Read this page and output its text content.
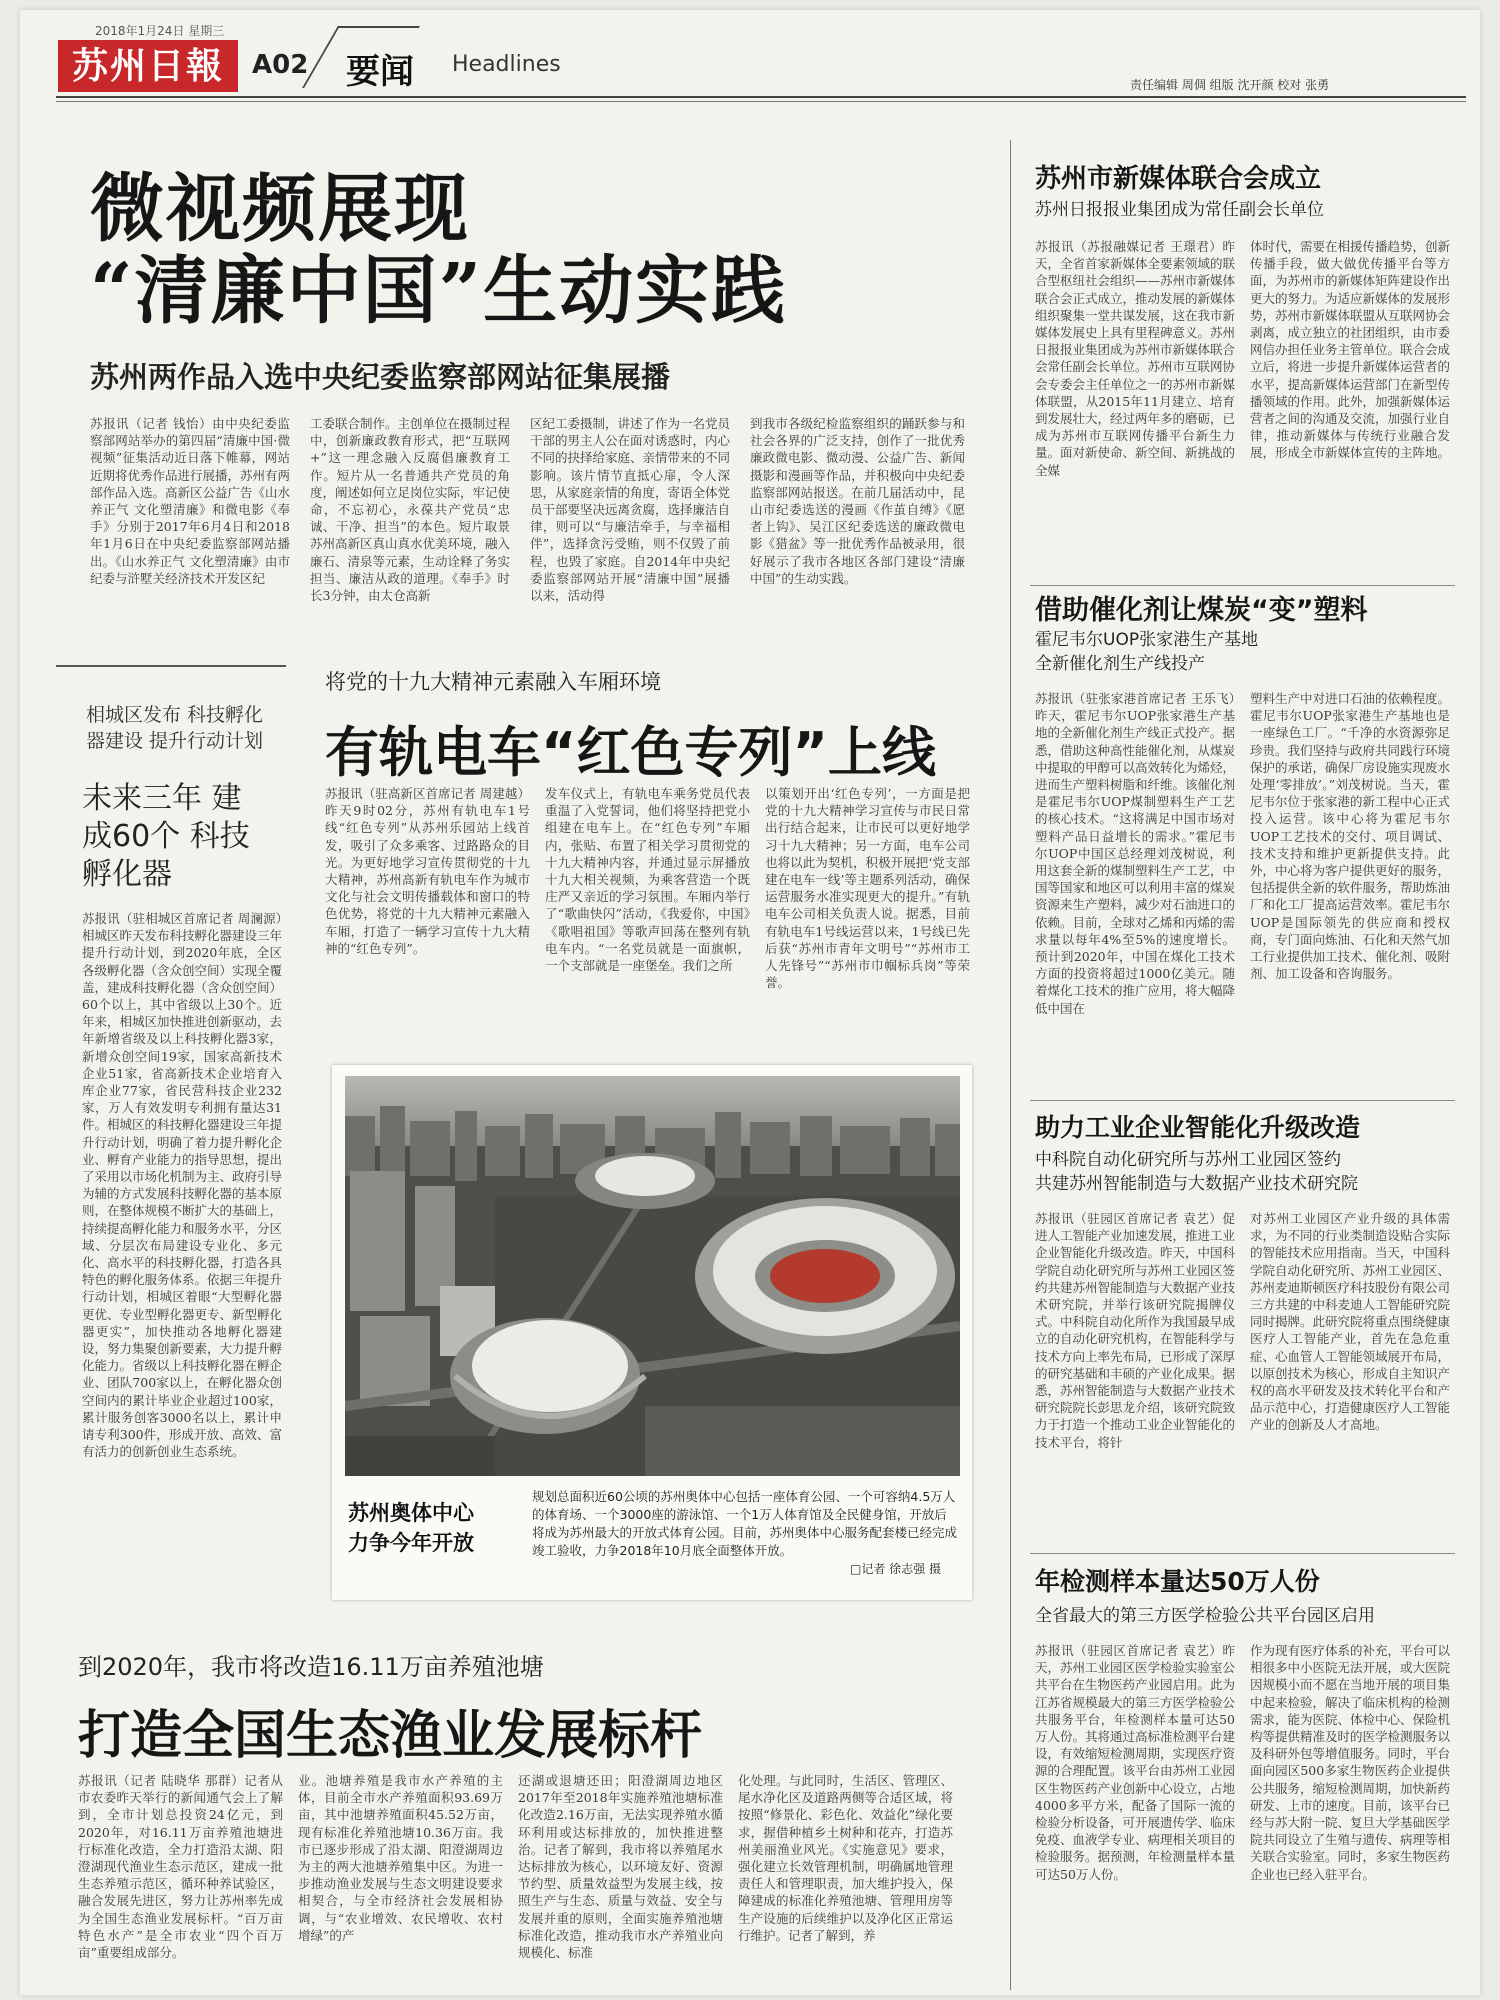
2018年1月24日 星期三
苏州日報	A02 要闻 Headlines
责任编辑 周倜 组版 沈开颜 校对 张勇
微视频展现
“清廉中国”生动实践
苏州两作品入选中央纪委监察部网站征集展播
苏报讯（记者 钱怡）由中央纪委监察部网站举办的第四届“清廉中国·微视频”征集活动近日落下帷幕，网站近期将优秀作品进行展播，苏州有两部作品入选。高新区公益广告《山水养正气 文化塑清廉》和微电影《奉手》分别于2017年6月4日和2018年1月6日在中央纪委监察部网站播出。《山水养正气 文化塑清廉》由市纪委与浒墅关经济技术开发区纪
工委联合制作。主创单位在摄制过程中，创新廉政教育形式，把“互联网+”这一理念融入反腐倡廉教育工作。短片从一名普通共产党员的角度，阐述如何立足岗位实际，牢记使命，不忘初心，永葆共产党员“忠诚、干净、担当”的本色。短片取景苏州高新区真山真水优美环境，融入廉石、清泉等元素，生动诠释了务实担当、廉洁从政的道理。《奉手》时长3分钟，由太仓高新
区纪工委摄制，讲述了作为一名党员干部的男主人公在面对诱惑时，内心不同的抉择给家庭、亲情带来的不同影响。该片情节直抵心扉，令人深思，从家庭亲情的角度，寄语全体党员干部要坚决远离贪腐，选择廉洁自律，则可以“与廉洁牵手，与幸福相伴”，选择贪污受贿，则不仅毁了前程，也毁了家庭。自2014年中央纪委监察部网站开展“清廉中国”展播以来，活动得
到我市各级纪检监察组织的踊跃参与和社会各界的广泛支持，创作了一批优秀廉政微电影、微动漫、公益广告、新闻摄影和漫画等作品，并积极向中央纪委监察部网站报送。在前几届活动中，昆山市纪委选送的漫画《作茧自缚》《愿者上钩》、吴江区纪委选送的廉政微电影《猎盆》等一批优秀作品被录用，很好展示了我市各地区各部门建设“清廉中国”的生动实践。
相城区发布 科技孵化器建设 提升行动计划
未来三年 建成60个 科技孵化器
苏报讯（驻相城区首席记者 周澜源）相城区昨天发布科技孵化器建设三年提升行动计划，到2020年底，全区各级孵化器（含众创空间）实现全覆盖，建成科技孵化器（含众创空间）60个以上，其中省级以上30个。近年来，相城区加快推进创新驱动，去年新增省级及以上科技孵化器3家，新增众创空间19家，国家高新技术企业51家，省高新技术企业培育入库企业77家，省民营科技企业232家，万人有效发明专利拥有量达31件。相城区的科技孵化器建设三年提升行动计划，明确了着力提升孵化企业、孵育产业能力的指导思想，提出了采用以市场化机制为主、政府引导为辅的方式发展科技孵化器的基本原则，在整体规模不断扩大的基础上，持续提高孵化能力和服务水平，分区域、分层次布局建设专业化、多元化、高水平的科技孵化器，打造各具特色的孵化服务体系。依据三年提升行动计划，相城区着眼“大型孵化器更优、专业型孵化器更专、新型孵化器更实”，加快推动各地孵化器建设，努力集聚创新要素，大力提升孵化能力。省级以上科技孵化器在孵企业、团队700家以上，在孵化器众创空间内的累计毕业企业超过100家，累计服务创客3000名以上，累计申请专利300件，形成开放、高效、富有活力的创新创业生态系统。
将党的十九大精神元素融入车厢环境
有轨电车“红色专列”上线
苏报讯（驻高新区首席记者 周建越）昨天9时02分，苏州有轨电车1号线“红色专列”从苏州乐园站上线首发，吸引了众多乘客、过路路众的目光。为更好地学习宣传贯彻党的十九大精神，苏州高新有轨电车作为城市文化与社会文明传播载体和窗口的特色优势，将党的十九大精神元素融入车厢，打造了一辆学习宣传十九大精神的“红色专列”。
发车仪式上，有轨电车乘务党员代表重温了入党誓词，他们将坚持把党小组建在电车上。在“红色专列”车厢内，张贴、布置了相关学习贯彻党的十九大精神内容，并通过显示屏播放十九大相关视频，为乘客营造一个既庄严又亲近的学习氛围。车厢内举行了“歌曲快闪”活动，《我爱你，中国》《歌唱祖国》等歌声回荡在整列有轨电车内。“一名党员就是一面旗帜，一个支部就是一座堡垒。我们之所
以策划开出‘红色专列’，一方面是把党的十九大精神学习宣传与市民日常出行结合起来，让市民可以更好地学习十九大精神；另一方面，电车公司也将以此为契机，积极开展把‘党支部建在电车一线’等主题系列活动，确保运营服务水准实现更大的提升。”有轨电车公司相关负责人说。据悉，目前有轨电车1号线运营以来，1号线已先后获“苏州市青年文明号”“苏州市工人先锋号”“苏州市巾帼标兵岗”等荣誉。
苏州奥体中心
力争今年开放
规划总面积近60公顷的苏州奥体中心包括一座体育公园、一个可容纳4.5万人的体育场、一个3000座的游泳馆、一个1万人体育馆及全民健身馆，开放后将成为苏州最大的开放式体育公园。目前，苏州奥体中心服务配套楼已经完成竣工验收，力争2018年10月底全面整体开放。
□记者 徐志强 摄
到2020年，我市将改造16.11万亩养殖池塘
打造全国生态渔业发展标杆
苏报讯（记者 陆晓华 那群）记者从市农委昨天举行的新闻通气会上了解到，全市计划总投资24亿元，到2020年，对16.11万亩养殖池塘进行标准化改造，全力打造沿太湖、阳澄湖现代渔业生态示范区，建成一批生态养殖示范区，循环种养试验区，融合发展先进区，努力让苏州率先成为全国生态渔业发展标杆。“百万亩特色水产”是全市农业“四个百万亩”重要组成部分。
业。池塘养殖是我市水产养殖的主体，目前全市水产养殖面积93.69万亩，其中池塘养殖面积45.52万亩，现有标准化养殖池塘10.36万亩。我市已逐步形成了沿太湖、阳澄湖周边为主的两大池塘养殖集中区。为进一步推动渔业发展与生态文明建设要求相契合，与全市经济社会发展相协调，与“农业增效、农民增收、农村增绿”的产
还湖或退塘还田；阳澄湖周边地区2017年至2018年实施养殖池塘标准化改造2.16万亩，无法实现养殖水循环利用或达标排放的，加快推进整治。记者了解到，我市将以养殖尾水达标排放为核心，以环境友好、资源节约型、质量效益型为发展主线，按照生产与生态、质量与效益、安全与发展并重的原则，全面实施养殖池塘标准化改造，推动我市水产养殖业向规模化、标准
化处理。与此同时，生活区、管理区、尾水净化区及道路两侧等合适区域，将按照“修景化、彩色化、效益化”绿化要求，握借种植乡土树种和花卉，打造苏州美丽渔业风光。《实施意见》要求，强化建立长效管理机制，明确属地管理责任人和管理职责，加大维护投入，保障建成的标准化养殖池塘、管理用房等生产设施的后续维护以及净化区正常运行维护。记者了解到，养
苏州市新媒体联合会成立
苏州日报报业集团成为常任副会长单位
苏报讯（苏报融媒记者 王璟君）昨天，全省首家新媒体全要素领域的联合型枢纽社会组织——苏州市新媒体联合会正式成立，推动发展的新媒体组织聚集一堂共谋发展，这在我市新媒体发展史上具有里程碑意义。苏州日报报业集团成为苏州市新媒体联合会常任副会长单位。苏州市互联网协会专委会主任单位之一的苏州市新媒体联盟，从2015年11月建立、培育到发展壮大，经过两年多的磨砺，已成为苏州市互联网传播平台新生力量。面对新使命、新空间、新挑战的全媒
体时代，需要在相援传播趋势，创新传播手段，做大做优传播平台等方面，为苏州市的新媒体矩阵建设作出更大的努力。为适应新媒体的发展形势，苏州市新媒体联盟从互联网协会剥离，成立独立的社团组织，由市委网信办担任业务主管单位。联合会成立后，将进一步提升新媒体运营者的水平，提高新媒体运营部门在新型传播领域的作用。此外，加强新媒体运营者之间的沟通及交流，加强行业自律，推动新媒体与传统行业融合发展，形成全市新媒体宣传的主阵地。
借助催化剂让煤炭“变”塑料
霍尼韦尔UOP张家港生产基地
全新催化剂生产线投产
苏报讯（驻张家港首席记者 王乐飞）昨天，霍尼韦尔UOP张家港生产基地的全新催化剂生产线正式投产。据悉，借助这种高性能催化剂，从煤炭中提取的甲醇可以高效转化为烯烃，进而生产塑料树脂和纤维。该催化剂是霍尼韦尔UOP煤制塑料生产工艺的核心技术。“这将满足中国市场对塑料产品日益增长的需求。”霍尼韦尔UOP中国区总经理刘茂树说，利用这套全新的煤制塑料生产工艺，中国等国家和地区可以利用丰富的煤炭资源来生产塑料，减少对石油进口的依赖。目前，全球对乙烯和丙烯的需求量以每年4%至5%的速度增长。预计到2020年，中国在煤化工技术方面的投资将超过1000亿美元。随着煤化工技术的推广应用，将大幅降低中国在
塑料生产中对进口石油的依赖程度。霍尼韦尔UOP张家港生产基地也是一座绿色工厂。“千净的水资源弥足珍贵。我们坚持与政府共同践行环境保护的承诺，确保厂房设施实现废水处理‘零排放’。”刘茂树说。当天，霍尼韦尔位于张家港的新工程中心正式投入运营。该中心将为霍尼韦尔UOP工艺技术的交付、项目调试、技术支持和维护更新提供支持。此外，中心将为客户提供更好的服务，包括提供全新的软件服务，帮助炼油厂和化工厂提高运营效率。霍尼韦尔UOP是国际领先的供应商和授权商，专门面向炼油、石化和天然气加工行业提供加工技术、催化剂、吸附剂、加工设备和咨询服务。
助力工业企业智能化升级改造
中科院自动化研究所与苏州工业园区签约
共建苏州智能制造与大数据产业技术研究院
苏报讯（驻园区首席记者 袁艺）促进人工智能产业加速发展，推进工业企业智能化升级改造。昨天，中国科学院自动化研究所与苏州工业园区签约共建苏州智能制造与大数据产业技术研究院，并举行该研究院揭牌仪式。中科院自动化所作为我国最早成立的自动化研究机构，在智能科学与技术方向上率先布局，已形成了深厚的研究基础和丰硕的产业化成果。据悉，苏州智能制造与大数据产业技术研究院院长彭思龙介绍，该研究院致力于打造一个推动工业企业智能化的技术平台，将针
对苏州工业园区产业升级的具体需求，为不同的行业类制造设贴合实际的智能技术应用指南。当天，中国科学院自动化研究所、苏州工业园区、苏州麦迪斯顿医疗科技股份有限公司三方共建的中科麦迪人工智能研究院同时揭牌。此研究院将重点围绕健康医疗人工智能产业，首先在急危重症、心血管人工智能领域展开布局，以原创技术为核心，形成自主知识产权的高水平研发及技术转化平台和产品示范中心，打造健康医疗人工智能产业的创新及人才高地。
年检测样本量达50万人份
全省最大的第三方医学检验公共平台园区启用
苏报讯（驻园区首席记者 袁艺）昨天，苏州工业园区医学检验实验室公共平台在生物医药产业园启用。此为江苏省规模最大的第三方医学检验公共服务平台，年检测样本量可达50万人份。其将通过高标准检测平台建设，有效缩短检测周期，实现医疗资源的合理配置。该平台由苏州工业园区生物医药产业创新中心设立，占地4000多平方米，配备了国际一流的检验分析设备，可开展遗传学、临床免疫、血液学专业、病理相关项目的检验服务。据预测，年检测量样本量可达50万人份。
作为现有医疗体系的补充，平台可以相很多中小医院无法开展，或大医院因规模小而不愿在当地开展的项目集中起来检验，解决了临床机构的检测需求，能为医院、体检中心、保险机构等提供精准及时的医学检测服务以及科研外包等增值服务。同时，平台面向园区500多家生物医药企业提供公共服务，缩短检测周期，加快新药研发、上市的速度。目前，该平台已经与苏大附一院、复旦大学基础医学院共同设立了生殖与遗传、病理等相关联合实验室。同时，多家生物医药企业也已经入驻平台。
